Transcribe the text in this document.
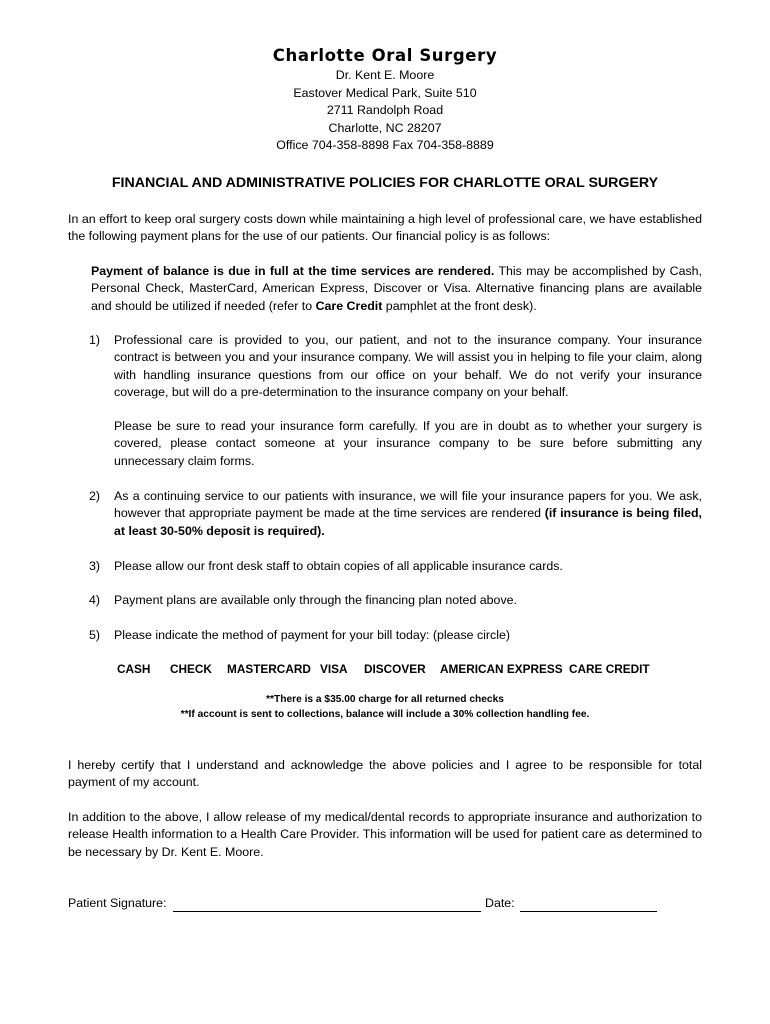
Charlotte Oral Surgery
Dr. Kent E. Moore
Eastover Medical Park, Suite 510
2711 Randolph Road
Charlotte, NC 28207
Office 704-358-8898 Fax 704-358-8889
FINANCIAL AND ADMINISTRATIVE POLICIES FOR CHARLOTTE ORAL SURGERY
In an effort to keep oral surgery costs down while maintaining a high level of professional care, we have established the following payment plans for the use of our patients. Our financial policy is as follows:
Payment of balance is due in full at the time services are rendered. This may be accomplished by Cash, Personal Check, MasterCard, American Express, Discover or Visa. Alternative financing plans are available and should be utilized if needed (refer to Care Credit pamphlet at the front desk).
1) Professional care is provided to you, our patient, and not to the insurance company. Your insurance contract is between you and your insurance company. We will assist you in helping to file your claim, along with handling insurance questions from our office on your behalf. We do not verify your insurance coverage, but will do a pre-determination to the insurance company on your behalf.
Please be sure to read your insurance form carefully. If you are in doubt as to whether your surgery is covered, please contact someone at your insurance company to be sure before submitting any unnecessary claim forms.
2) As a continuing service to our patients with insurance, we will file your insurance papers for you. We ask, however that appropriate payment be made at the time services are rendered (if insurance is being filed, at least 30-50% deposit is required).
3) Please allow our front desk staff to obtain copies of all applicable insurance cards.
4) Payment plans are available only through the financing plan noted above.
5) Please indicate the method of payment for your bill today: (please circle)
CASH CHECK MASTERCARD VISA DISCOVER AMERICAN EXPRESS CARE CREDIT
**There is a $35.00 charge for all returned checks
**If account is sent to collections, balance will include a 30% collection handling fee.
I hereby certify that I understand and acknowledge the above policies and I agree to be responsible for total payment of my account.
In addition to the above, I allow release of my medical/dental records to appropriate insurance and authorization to release Health information to a Health Care Provider. This information will be used for patient care as determined to be necessary by Dr. Kent E. Moore.
Patient Signature:	Date:
